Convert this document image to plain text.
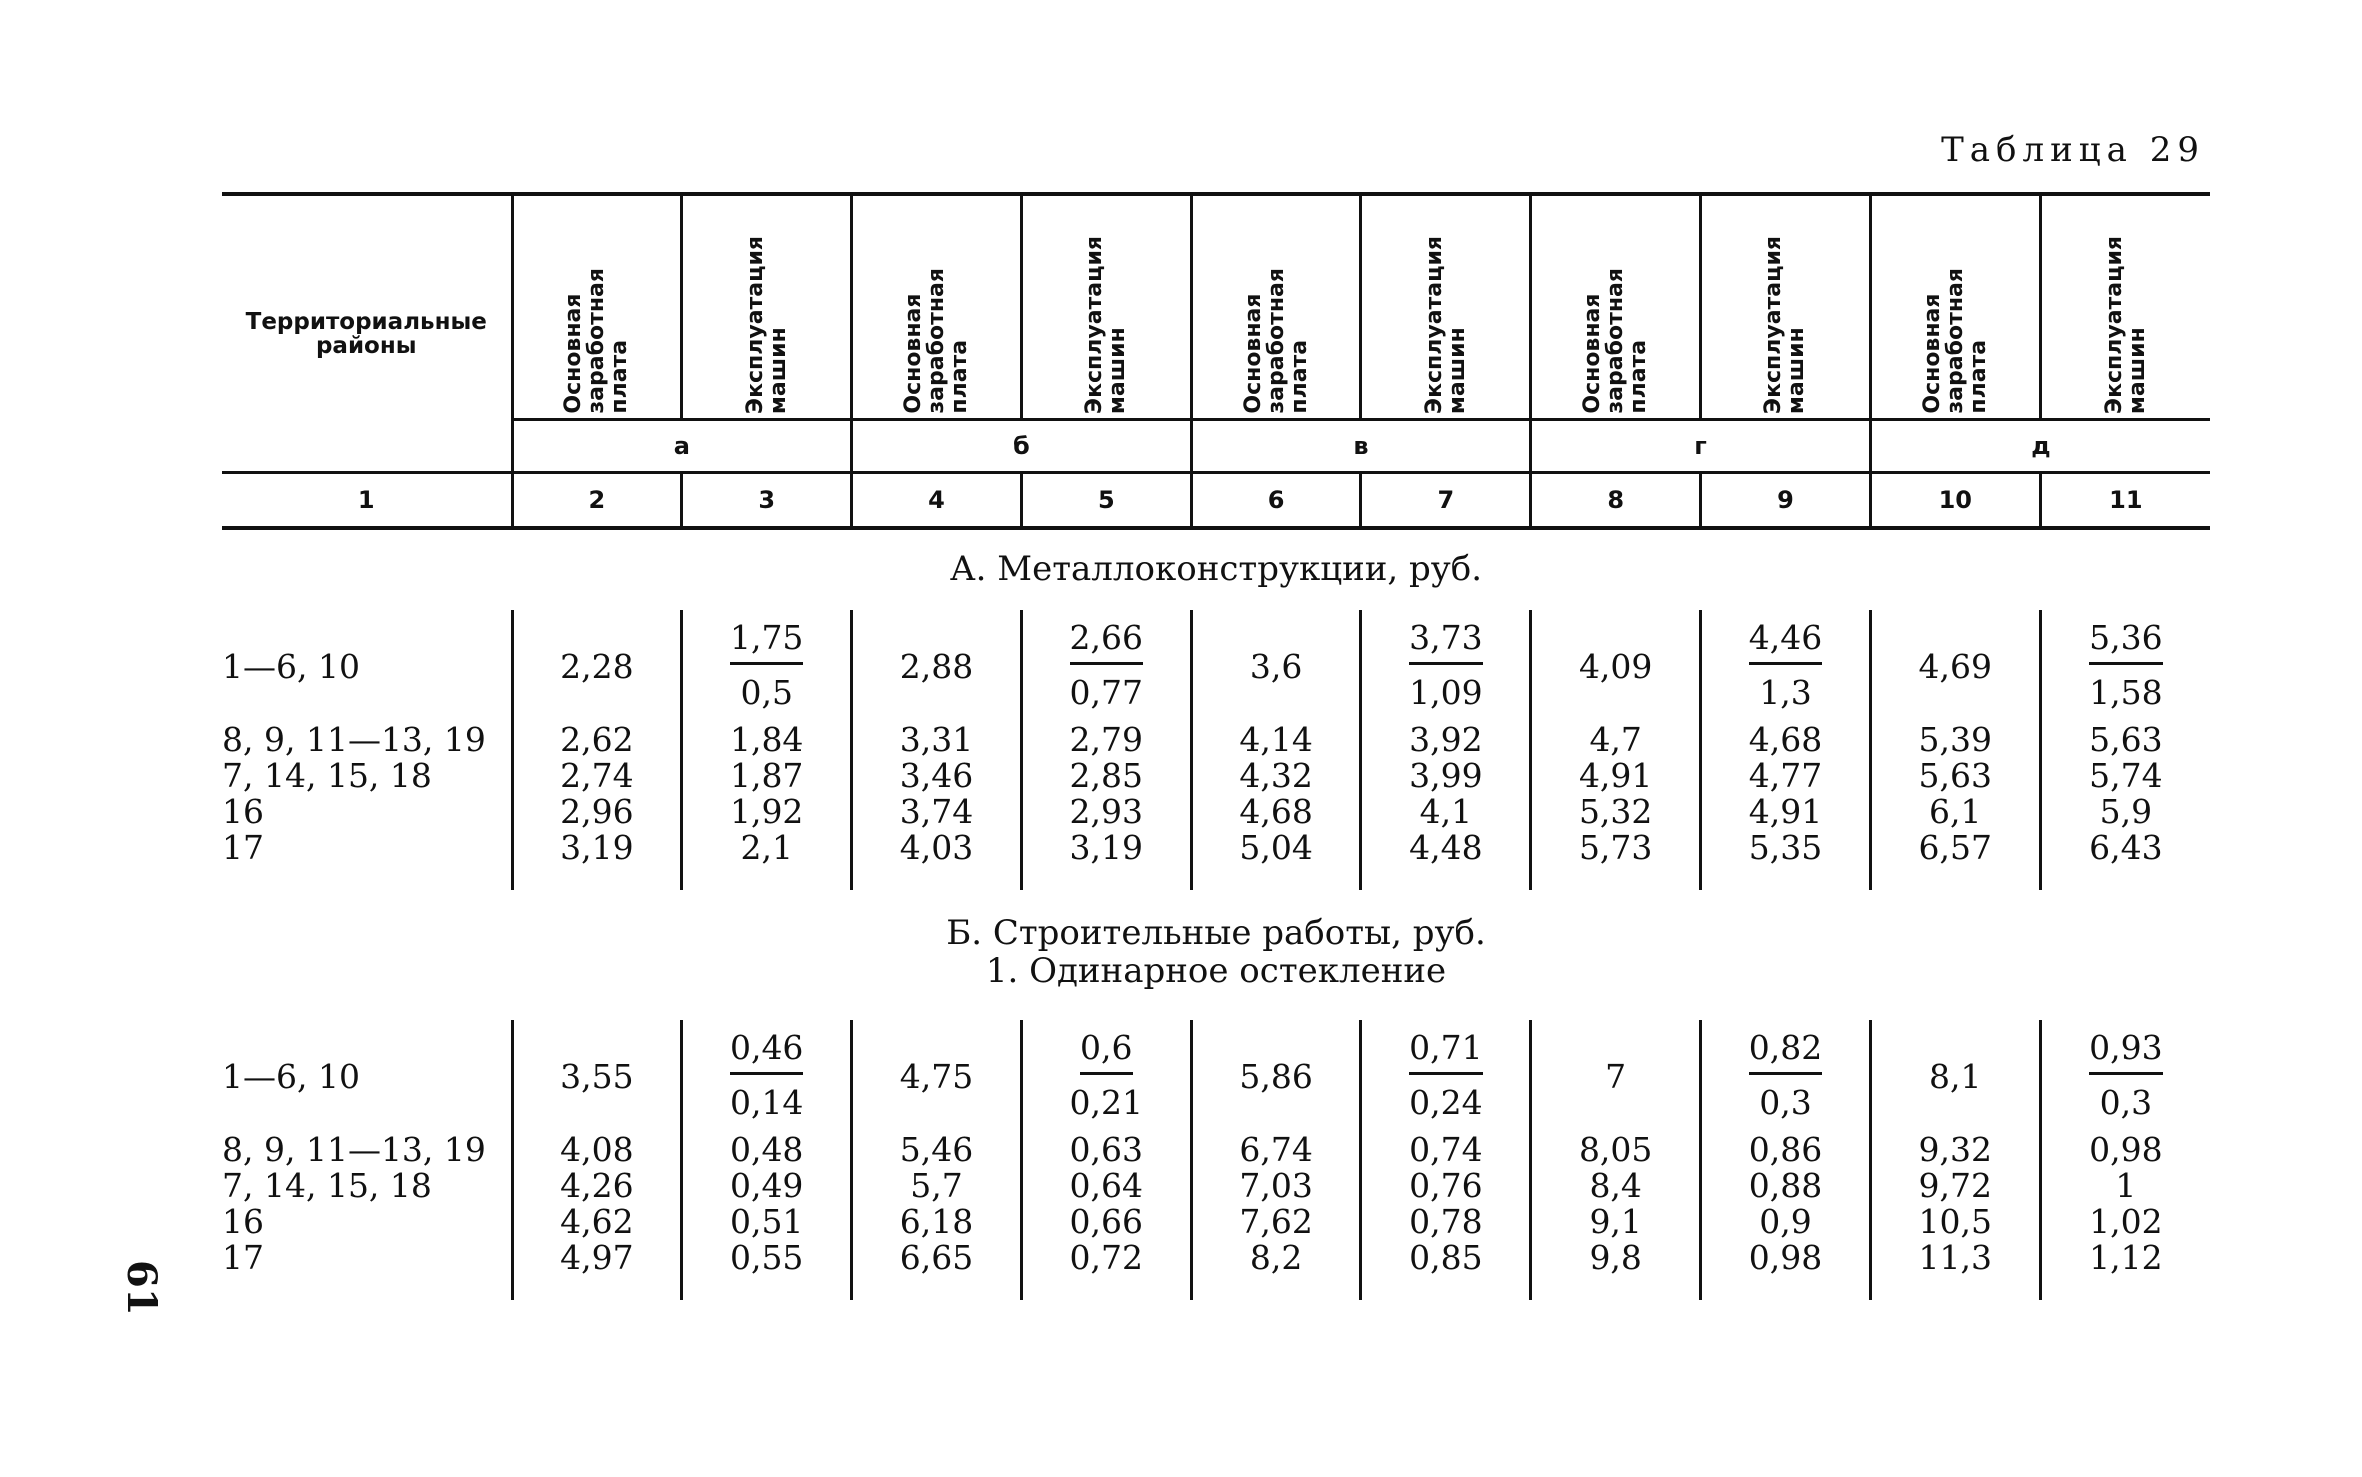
61
Таблица 29
Территориальные районы	Основная
заработная
плата	Эксплуатация
машин	Основная
заработная
плата	Эксплуатация
машин	Основная
заработная
плата	Эксплуатация
машин	Основная
заработная
плата	Эксплуатация
машин	Основная
заработная
плата	Эксплуатация
машин
	а		б		в		г		д	
1	2	3	4	5	6	7	8	9	10	11
А. Металлоконструкции, руб.										
1—6, 10	2,28	$\frac{1,75}{0,5}$	2,88	$\frac{2,66}{0,77}$	3,6	$\frac{3,73}{1,09}$	4,09	$\frac{4,46}{1,3}$	4,69	$\frac{5,36}{1,58}$

8, 9, 11—13, 19	2,62	1,84	3,31	2,79	4,14	3,92	4,7	4,68	5,39	5,63
7, 14, 15, 18	2,74	1,87	3,46	2,85	4,32	3,99	4,91	4,77	5,63	5,74
16	2,96	1,92	3,74	2,93	4,68	4,1	5,32	4,91	6,1	5,9
17	3,19	2,1	4,03	3,19	5,04	4,48	5,73	5,35	6,57	6,43

Б. Строительные работы, руб.
1. Одинарное остекление										

1—6, 10	3,55	$\frac{0,46}{0,14}$	4,75	$\frac{0,6}{0,21}$	5,86	$\frac{0,71}{0,24}$	7	$\frac{0,82}{0,3}$	8,1	$\frac{0,93}{0,3}$

8, 9, 11—13, 19	4,08	0,48	5,46	0,63	6,74	0,74	8,05	0,86	9,32	0,98
7, 14, 15, 18	4,26	0,49	5,7	0,64	7,03	0,76	8,4	0,88	9,72	1
16	4,62	0,51	6,18	0,66	7,62	0,78	9,1	0,9	10,5	1,02
17	4,97	0,55	6,65	0,72	8,2	0,85	9,8	0,98	11,3	1,12
